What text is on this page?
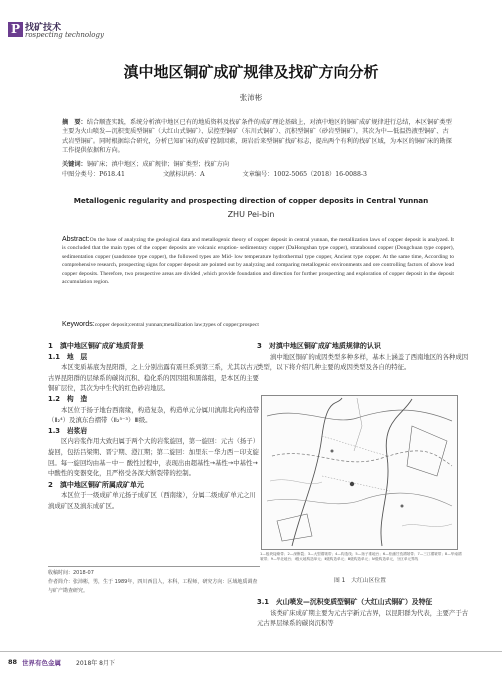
P 找矿技术
rospecting technology
滇中地区铜矿成矿规律及找矿方向分析
张沛彬
摘　要：结合顺查实践，系统分析滇中地区已有的地质资料及找矿条件的成矿理论基础上，对滇中地区的铜矿成矿规律进行总结，本区铜矿类型主要为火山喷发—沉积变质型铜矿（大红山式铜矿）、层控型铜矿（东川式铜矿）、沉积型铜矿（砂岩型铜矿），其次为中—低温热液型铜矿、古式岩型铜矿。同时根据综合研究，分析已知矿床的成矿控制因素，斑岩后来型铜矿找矿标志，提出两个有利的找矿区域，为本区的铜矿床的勘探工作提供依据和方向。
关键词：铜矿床；滇中地区；成矿规律；铜矿类型；找矿方向
中图分类号：P618.41	文献标识码：A	文章编号：1002-5065（2018）16-0088-3
Metallogenic regularity and prospecting direction of copper deposits in Central Yunnan
ZHU Pei-bin
Abstract:On the base of analyzing the geological data and metallogenic theory of copper deposit in central yunnan, the metallization laws of copper deposit is analyzed. It is concluded that the main types of the copper deposits are volcanic eruption- sedimentary copper (DaHongshan type copper), stratabound copper (Dongchuan type copper), sedimentation copper (sandstone type copper), the followed types are Mid- low temperature hydrothermal type copper, Ancient type copper. At the same time, According to comprehensive research, prospecting signs for copper deposit are pointed out by analyzing and comparing metallogenic environments and ore controlling factors of above lead copper deposits. Therefore, two prospective areas are divided ,which provide foundation and direction for further prospecting and exploration of copper deposit in the deposit accumulation region.
Keywords:copper deposit;central yunnan;metallization law;types of copper;prospect
1　滇中地区铜矿成矿地质背景
1.1　地　层

本区变质基底为昆阳群，之上分别出露有震旦系到第三系，尤其以古元古界昆阳群的层绿系的碳岗沉积、稳化系的因因组和黑落组，是本区的主要铜矿层位，其次为中生代的红色砂岩地层。

1.2　构　造

本区位于扬子地台西南缘，构造复杂，构造单元分属川滇南北向构造带（Ⅱ₂⁴）及滇东台褶带（Ⅱ₂⁵⁻³）Ⅲ级。

1.3　岩浆岩

区内岩浆作用大致归属于两个大的岩浆旋回，第一旋回：元古（扬子）旋回，包括吕梁期、晋宁期、澄江期；第二旋回：加里东－华力西－印支旋回。每一旋回均由基－中－ 酸性过程中，表现出由超基性→基性→中基性→中酸性的变器变化，且严格受各深大断裂带的控制。

2　滇中地区铜矿所属成矿单元

本区位于一级成矿单元扬子成矿区（西南缘），分属二级成矿单元之川滇成矿区及滇东成矿区。

收稿时间：2018-07
作者简介：张沛彬，男，生于 1989年，四川西昌人，本科，工程师，研究方向：区域地质调查与矿产勘查研究。
3　对滇中地区铜矿成矿地质规律的认识

滇中地区铜矿的成因类型多种多样，基本上涵盖了西南地区的各种成因类型，以下将介绍几种主要的成因类型及各自的特征。

1—板块接缘带；2—深断裂；3—大型褶皱带；4—构造线；5—扬子准地台；6—松潘甘孜褶皱带；7—三江褶皱带；8—华南褶皱带；9—华北地台；Ⅰ级大地构造单元；Ⅱ级构造单元；Ⅲ级构造单元；Ⅳ级构造单元，分区单元界线
图 1　大红山区位置
3.1　火山喷发—沉积变质型铜矿（大红山式铜矿）及特征

该类矿床成矿期主要为元古宇新元古界，以昆阳群为代表，主要产于古元古界层绿系的碳岗沉积等

88 世界有色金属	2018年 8月下
